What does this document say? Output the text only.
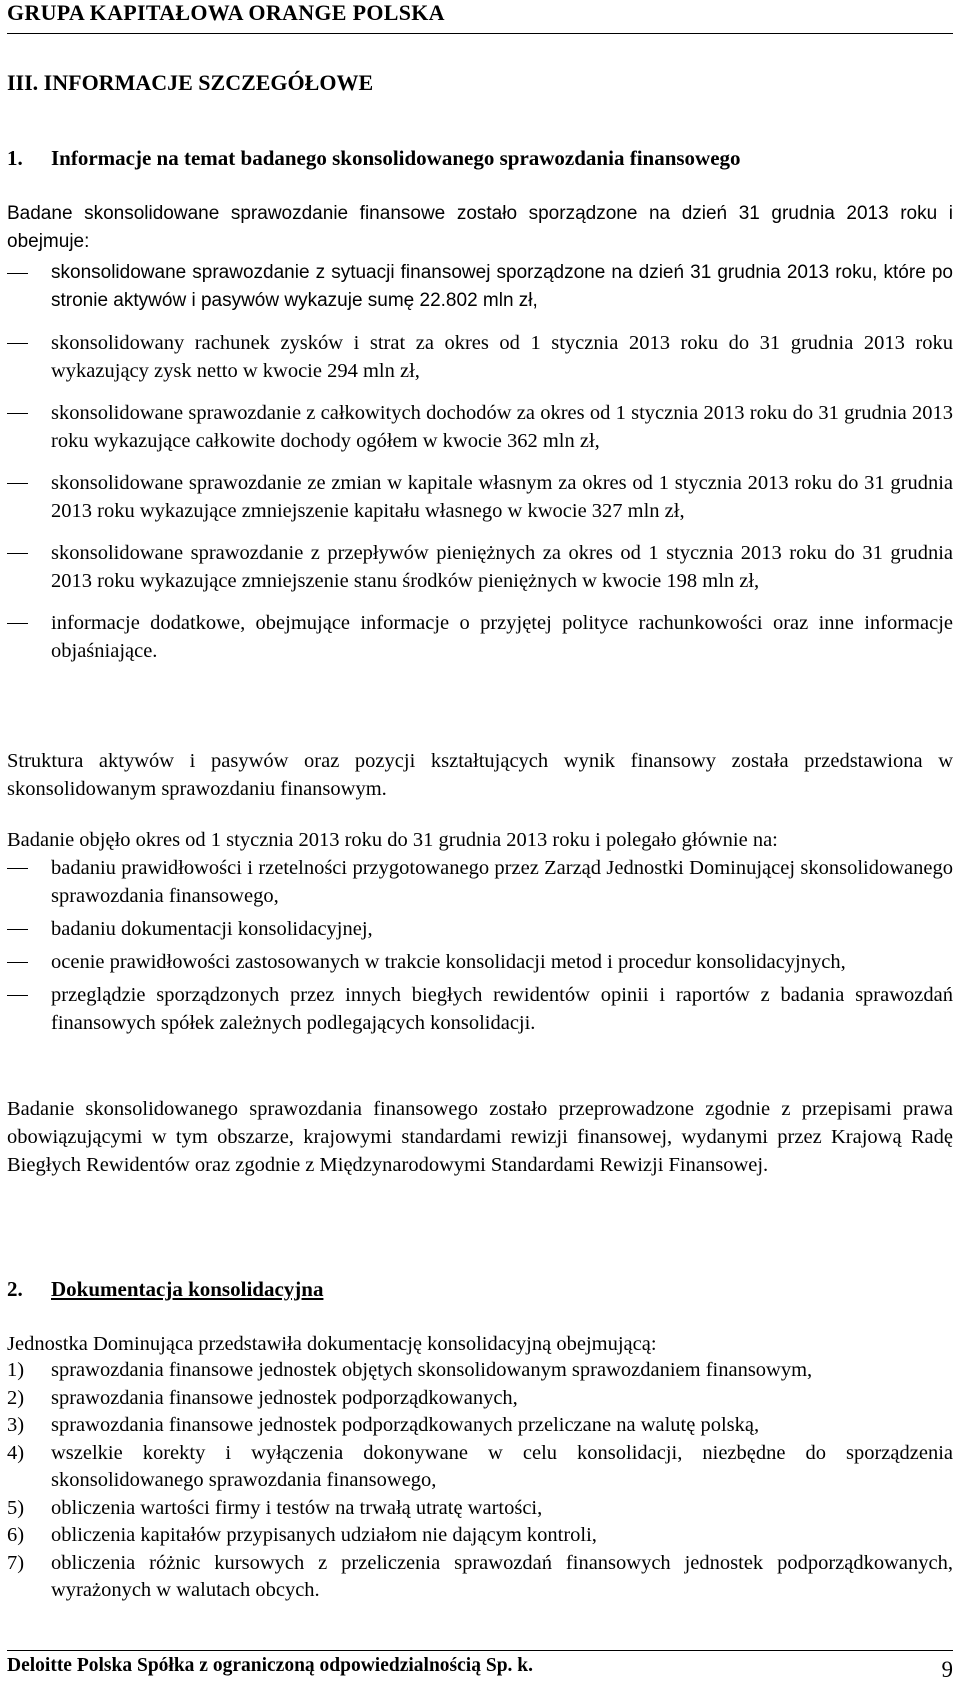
GRUPA KAPITAŁOWA ORANGE POLSKA
III. INFORMACJE SZCZEGÓŁOWE
1. Informacje na temat badanego skonsolidowanego sprawozdania finansowego
Badane skonsolidowane sprawozdanie finansowe zostało sporządzone na dzień 31 grudnia 2013 roku i obejmuje:
skonsolidowane sprawozdanie z sytuacji finansowej sporządzone na dzień 31 grudnia 2013 roku, które po stronie aktywów i pasywów wykazuje sumę 22.802 mln zł,
skonsolidowany rachunek zysków i strat za okres od 1 stycznia 2013 roku do 31 grudnia 2013 roku wykazujący zysk netto w kwocie 294 mln zł,
skonsolidowane sprawozdanie z całkowitych dochodów za okres od 1 stycznia 2013 roku do 31 grudnia 2013 roku wykazujące całkowite dochody ogółem w kwocie 362 mln zł,
skonsolidowane sprawozdanie ze zmian w kapitale własnym za okres od 1 stycznia 2013 roku do 31 grudnia 2013 roku wykazujące zmniejszenie kapitału własnego w kwocie 327 mln zł,
skonsolidowane sprawozdanie z przepływów pieniężnych za okres od 1 stycznia 2013 roku do 31 grudnia 2013 roku wykazujące zmniejszenie stanu środków pieniężnych w kwocie 198 mln zł,
informacje dodatkowe, obejmujące informacje o przyjętej polityce rachunkowości oraz inne informacje objaśniające.
Struktura aktywów i pasywów oraz pozycji kształtujących wynik finansowy została przedstawiona w skonsolidowanym sprawozdaniu finansowym.
Badanie objęło okres od 1 stycznia 2013 roku do 31 grudnia 2013 roku i polegało głównie na:
badaniu prawidłowości i rzetelności przygotowanego przez Zarząd Jednostki Dominującej skonsolidowanego sprawozdania finansowego,
badaniu dokumentacji konsolidacyjnej,
ocenie prawidłowości zastosowanych w trakcie konsolidacji metod i procedur konsolidacyjnych,
przeglądzie sporządzonych przez innych biegłych rewidentów opinii i raportów z badania sprawozdań finansowych spółek zależnych podlegających konsolidacji.
Badanie skonsolidowanego sprawozdania finansowego zostało przeprowadzone zgodnie z przepisami prawa obowiązującymi w tym obszarze, krajowymi standardami rewizji finansowej, wydanymi przez Krajową Radę Biegłych Rewidentów oraz zgodnie z Międzynarodowymi Standardami Rewizji Finansowej.
2. Dokumentacja konsolidacyjna
Jednostka Dominująca przedstawiła dokumentację konsolidacyjną obejmującą:
1) sprawozdania finansowe jednostek objętych skonsolidowanym sprawozdaniem finansowym,
2) sprawozdania finansowe jednostek podporządkowanych,
3) sprawozdania finansowe jednostek podporządkowanych przeliczane na walutę polską,
4) wszelkie korekty i wyłączenia dokonywane w celu konsolidacji, niezbędne do sporządzenia skonsolidowanego sprawozdania finansowego,
5) obliczenia wartości firmy i testów na trwałą utratę wartości,
6) obliczenia kapitałów przypisanych udziałom nie dającym kontroli,
7) obliczenia różnic kursowych z przeliczenia sprawozdań finansowych jednostek podporządkowanych, wyrażonych w walutach obcych.
Deloitte Polska Spółka z ograniczoną odpowiedzialnością Sp. k.	9
